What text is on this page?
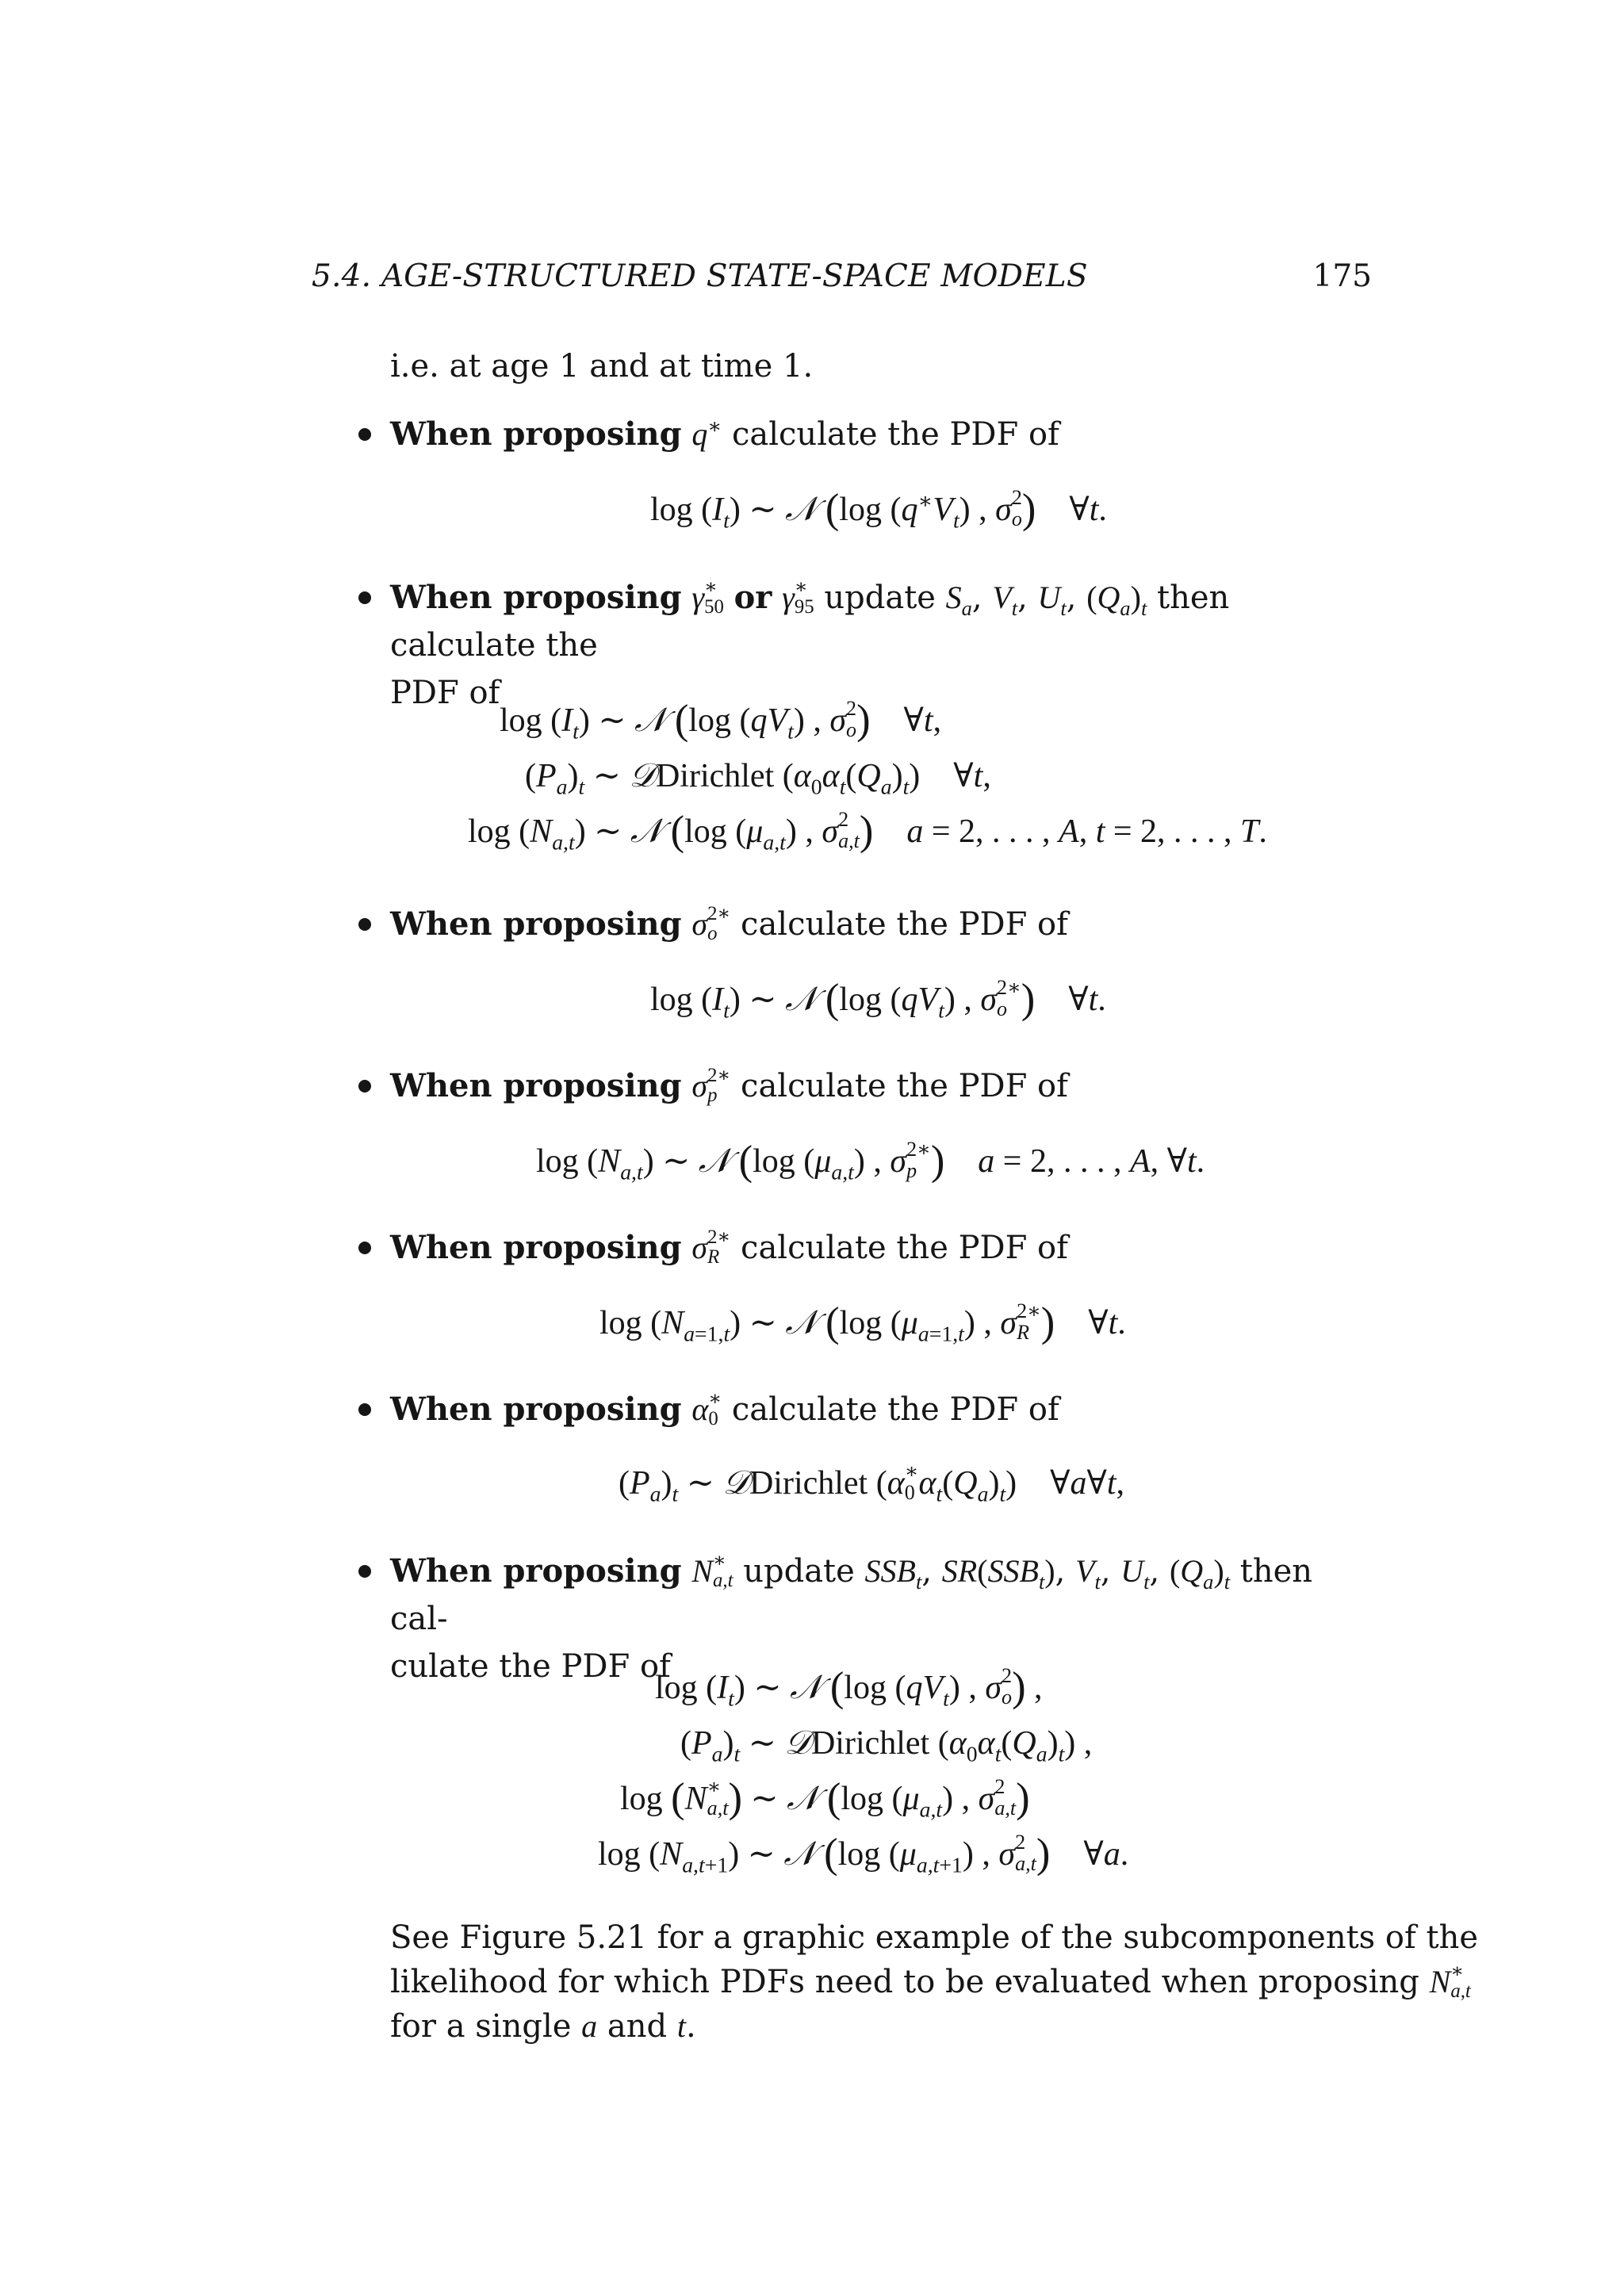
5.4. AGE-STRUCTURED STATE-SPACE MODELS	175
i.e. at age 1 and at time 1.
When proposing q∗ calculate the PDF of
$\log (I_t)$ ∼ 𝒩 (log $(q^∗V_t)$ , σ 2
o )    ∀t.
When proposing γ ∗
50 or γ ∗
95 update $S_a$, $V_t$, $U_t$, $(Q_a)_t$ then calculate the
PDF of
$\log (I_t)$ ∼ 𝒩 (log $(qV_t)$ , σ 2
o )    ∀t,
$(P_a)_t$ ∼ 𝒟Dirichlet $(\alpha_0\alpha_t(Q_a)_t)$    ∀t,
$\log (N_{a,t})$ ∼ 𝒩 (log $(\mu_{a,t})$ , σ 2
a,t ) a = 2, . . . , A, t = 2, . . . , T.
When proposing σ 2∗
o calculate the PDF of
$\log (I_t)$ ∼ 𝒩 (log $(qV_t)$ , σ 2∗
o )    ∀t.
When proposing σ 2∗
p calculate the PDF of
$\log (N_{a,t})$ ∼ 𝒩 (log $(\mu_{a,t})$ , σ 2∗
p ) a = 2, . . . , A, ∀t.
When proposing σ 2∗
R calculate the PDF of
$\log (N_{a=1,t})$ ∼ 𝒩 (log $(\mu_{a=1,t})$ , σ 2∗
R )    ∀t.
When proposing α ∗
0 calculate the PDF of
$(P_a)_t$ ∼ 𝒟Dirichlet (α ∗
0 $\alpha_t(Q_a)_t$)    ∀a∀t,
When proposing N ∗
a,t update $SSB_t$, $SR(SSB_t)$, $V_t$, $U_t$, $(Q_a)_t$ then cal-
culate the PDF of
$\log (I_t)$ ∼ 𝒩 (log $(qV_t)$ , σ 2
o ) ,
$(P_a)_t$ ∼ 𝒟Dirichlet $(\alpha_0\alpha_t(Q_a)_t)$ ,
log (N ∗
a,t ) ∼ 𝒩 (log $(\mu_{a,t})$ , σ 2
a,t )
$\log (N_{a,t+1})$ ∼ 𝒩 (log $(\mu_{a,t+1})$ , σ 2
a,t )    ∀a.
See Figure 5.21 for a graphic example of the subcomponents of the
likelihood for which PDFs need to be evaluated when proposing N ∗
a,t
for a single a and t.
